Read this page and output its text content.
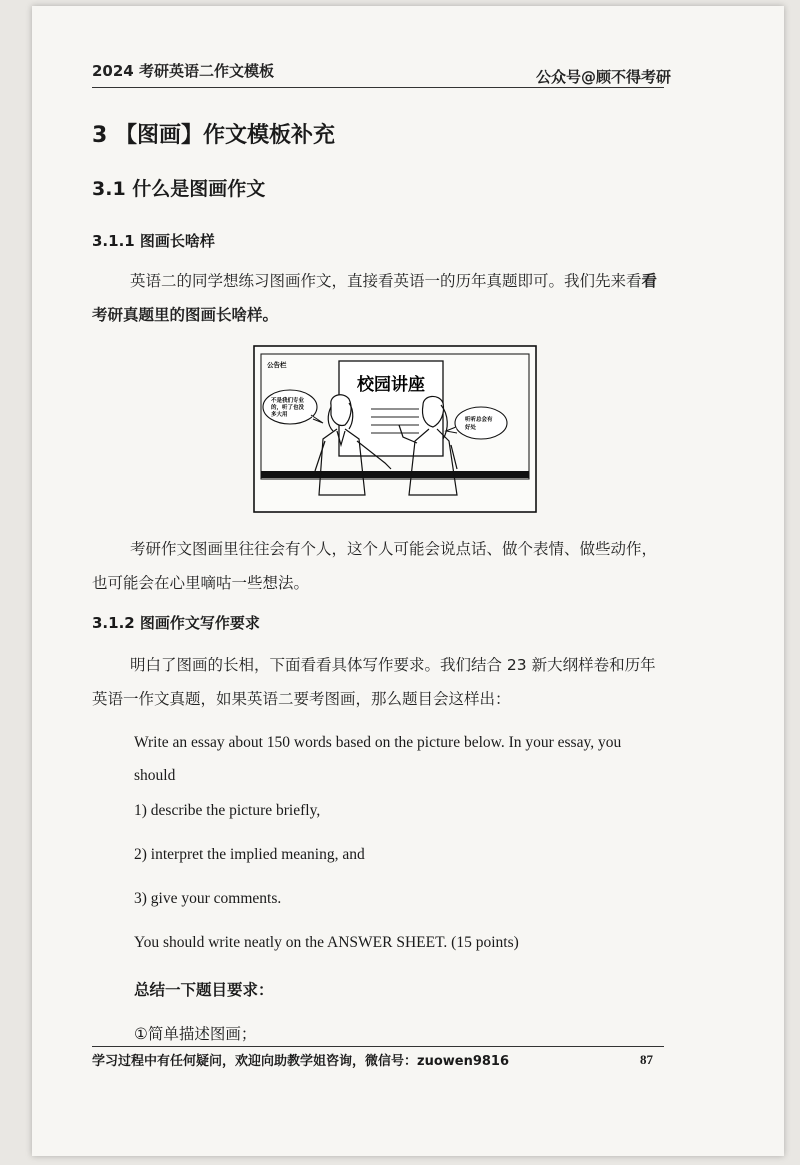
2024 考研英语二作文模板	公众号@顾不得考研
3 【图画】作文模板补充
3.1 什么是图画作文
3.1.1 图画长啥样
英语二的同学想练习图画作文，直接看英语一的历年真题即可。我们先来看看考研真题里的图画长啥样。
公告栏
校园讲座
不是我们专业 的，听了也没 多大用
听听总会有 好处
考研作文图画里往往会有个人，这个人可能会说点话、做个表情、做些动作，也可能会在心里嘀咕一些想法。
3.1.2 图画作文写作要求
明白了图画的长相，下面看看具体写作要求。我们结合 23 新大纲样卷和历年英语一作文真题，如果英语二要考图画，那么题目会这样出：
Write an essay about 150 words based on the picture below. In your essay, you should
1) describe the picture briefly,
2) interpret the implied meaning, and
3) give your comments.
You should write neatly on the ANSWER SHEET. (15 points)
总结一下题目要求：
①简单描述图画；
学习过程中有任何疑问，欢迎向助教学姐咨询，微信号：zuowen9816	87
